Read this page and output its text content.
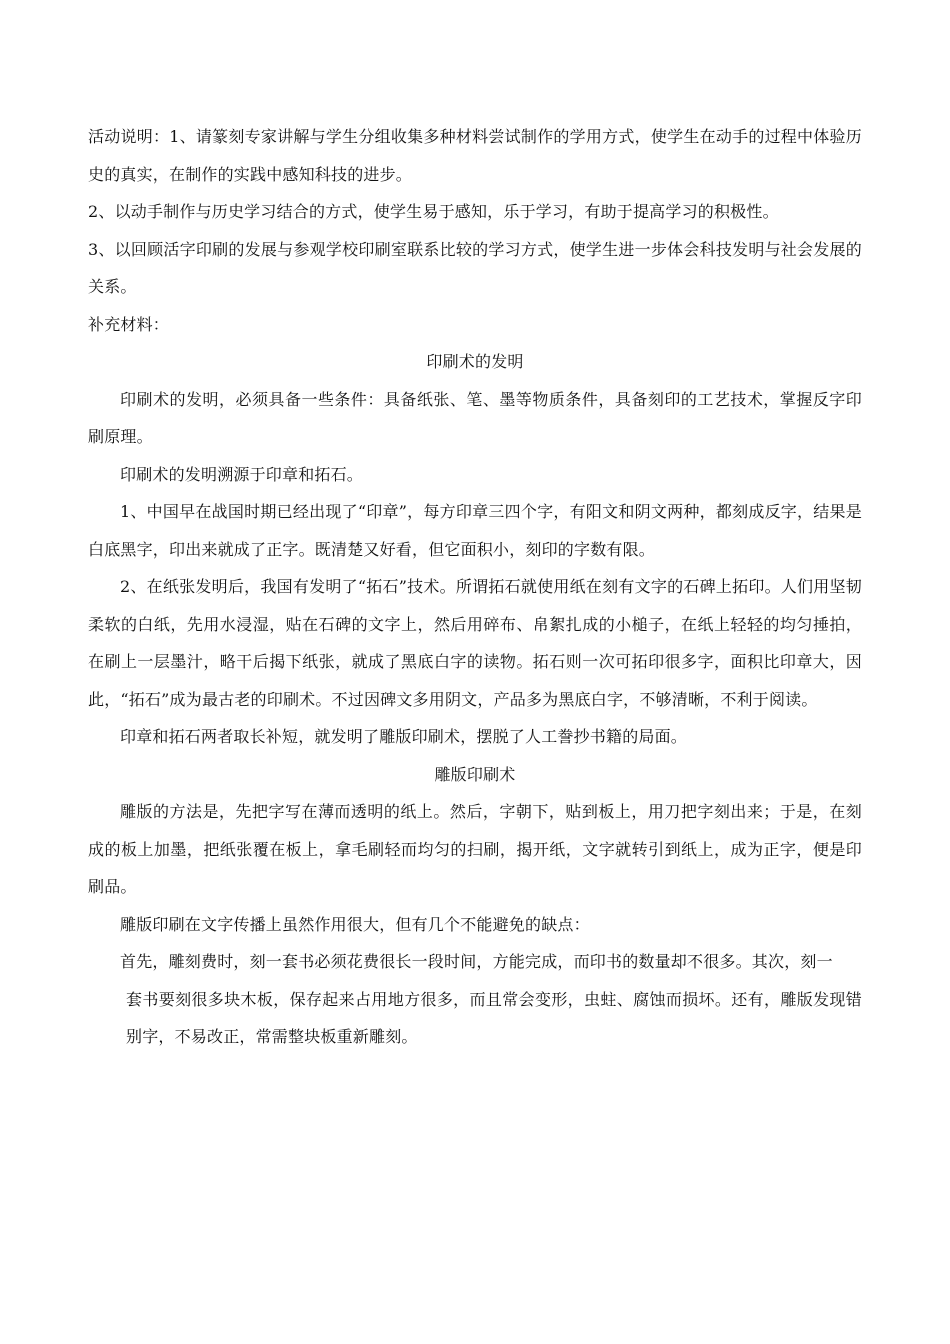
活动说明：1、请篆刻专家讲解与学生分组收集多种材料尝试制作的学用方式，使学生在动手的过程中体验历史的真实，在制作的实践中感知科技的进步。

2、以动手制作与历史学习结合的方式，使学生易于感知，乐于学习，有助于提高学习的积极性。

3、以回顾活字印刷的发展与参观学校印刷室联系比较的学习方式，使学生进一步体会科技发明与社会发展的关系。

补充材料：

印刷术的发明

印刷术的发明，必须具备一些条件：具备纸张、笔、墨等物质条件，具备刻印的工艺技术，掌握反字印刷原理。

印刷术的发明溯源于印章和拓石。

1、中国早在战国时期已经出现了“印章”，每方印章三四个字，有阳文和阴文两种，都刻成反字，结果是白底黑字，印出来就成了正字。既清楚又好看，但它面积小，刻印的字数有限。

2、在纸张发明后，我国有发明了“拓石”技术。所谓拓石就使用纸在刻有文字的石碑上拓印。人们用坚韧柔软的白纸，先用水浸湿，贴在石碑的文字上，然后用碎布、帛絮扎成的小槌子，在纸上轻轻的均匀捶拍，在刷上一层墨汁，略干后揭下纸张，就成了黑底白字的读物。拓石则一次可拓印很多字，面积比印章大，因此，“拓石”成为最古老的印刷术。不过因碑文多用阴文，产品多为黑底白字，不够清晰，不利于阅读。

印章和拓石两者取长补短，就发明了雕版印刷术，摆脱了人工誊抄书籍的局面。

雕版印刷术

雕版的方法是，先把字写在薄而透明的纸上。然后，字朝下，贴到板上，用刀把字刻出来；于是，在刻成的板上加墨，把纸张覆在板上，拿毛刷轻而均匀的扫刷，揭开纸，文字就转引到纸上，成为正字，便是印刷品。

雕版印刷在文字传播上虽然作用很大，但有几个不能避免的缺点：

首先，雕刻费时，刻一套书必须花费很长一段时间，方能完成，而印书的数量却不很多。其次，刻一

套书要刻很多块木板，保存起来占用地方很多，而且常会变形，虫蛀、腐蚀而损坏。还有，雕版发现错别字，不易改正，常需整块板重新雕刻。
